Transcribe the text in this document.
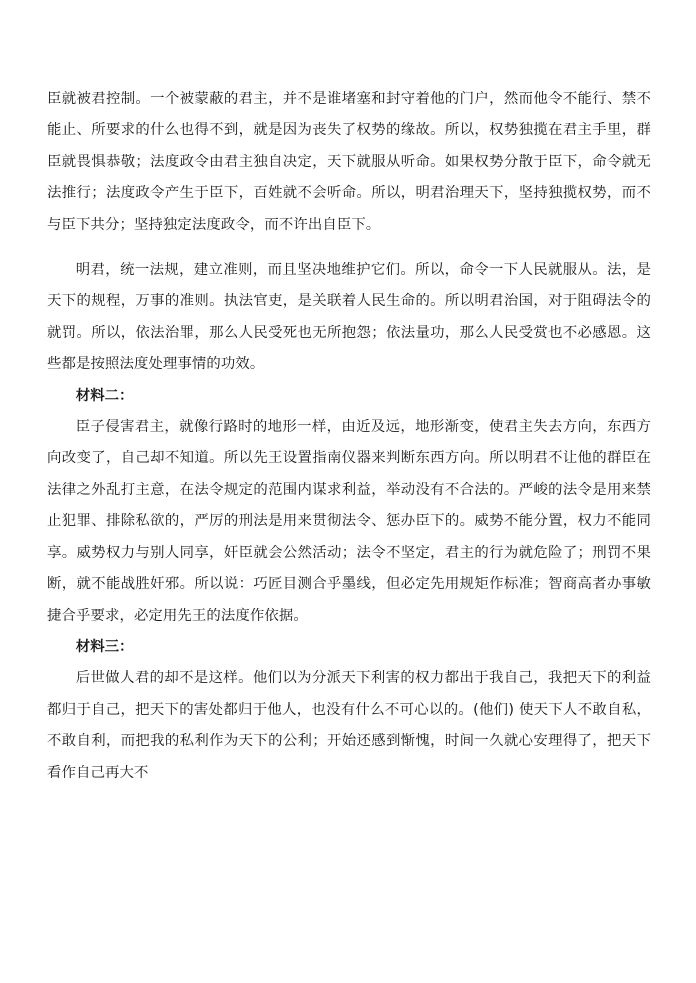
臣就被君控制。一个被蒙蔽的君主，并不是谁堵塞和封守着他的门户，然而他令不能行、禁不能止、所要求的什么也得不到，就是因为丧失了权势的缘故。所以，权势独揽在君主手里，群臣就畏惧恭敬；法度政令由君主独自决定，天下就服从听命。如果权势分散于臣下，命令就无法推行；法度政令产生于臣下，百姓就不会听命。所以，明君治理天下，坚持独揽权势，而不与臣下共分；坚持独定法度政令，而不许出自臣下。

明君，统一法规，建立准则，而且坚决地维护它们。所以，命令一下人民就服从。法，是天下的规程，万事的准则。执法官吏，是关联着人民生命的。所以明君治国，对于阻碍法令的就罚。所以，依法治罪，那么人民受死也无所抱怨；依法量功，那么人民受赏也不必感恩。这些都是按照法度处理事情的功效。

材料二：

臣子侵害君主，就像行路时的地形一样，由近及远，地形渐变，使君主失去方向，东西方向改变了，自己却不知道。所以先王设置指南仪器来判断东西方向。所以明君不让他的群臣在法律之外乱打主意，在法令规定的范围内谋求利益，举动没有不合法的。严峻的法令是用来禁止犯罪、排除私欲的，严厉的刑法是用来贯彻法令、惩办臣下的。威势不能分置，权力不能同享。威势权力与别人同享，奸臣就会公然活动；法令不坚定，君主的行为就危险了；刑罚不果断，就不能战胜奸邪。所以说：巧匠目测合乎墨线，但必定先用规矩作标准；智商高者办事敏捷合乎要求，必定用先王的法度作依据。

材料三：

后世做人君的却不是这样。他们以为分派天下利害的权力都出于我自己，我把天下的利益都归于自己，把天下的害处都归于他人，也没有什么不可心以的。(他们) 使天下人不敢自私，不敢自利，而把我的私利作为天下的公利；开始还感到惭愧，时间一久就心安理得了，把天下看作自己再大不
